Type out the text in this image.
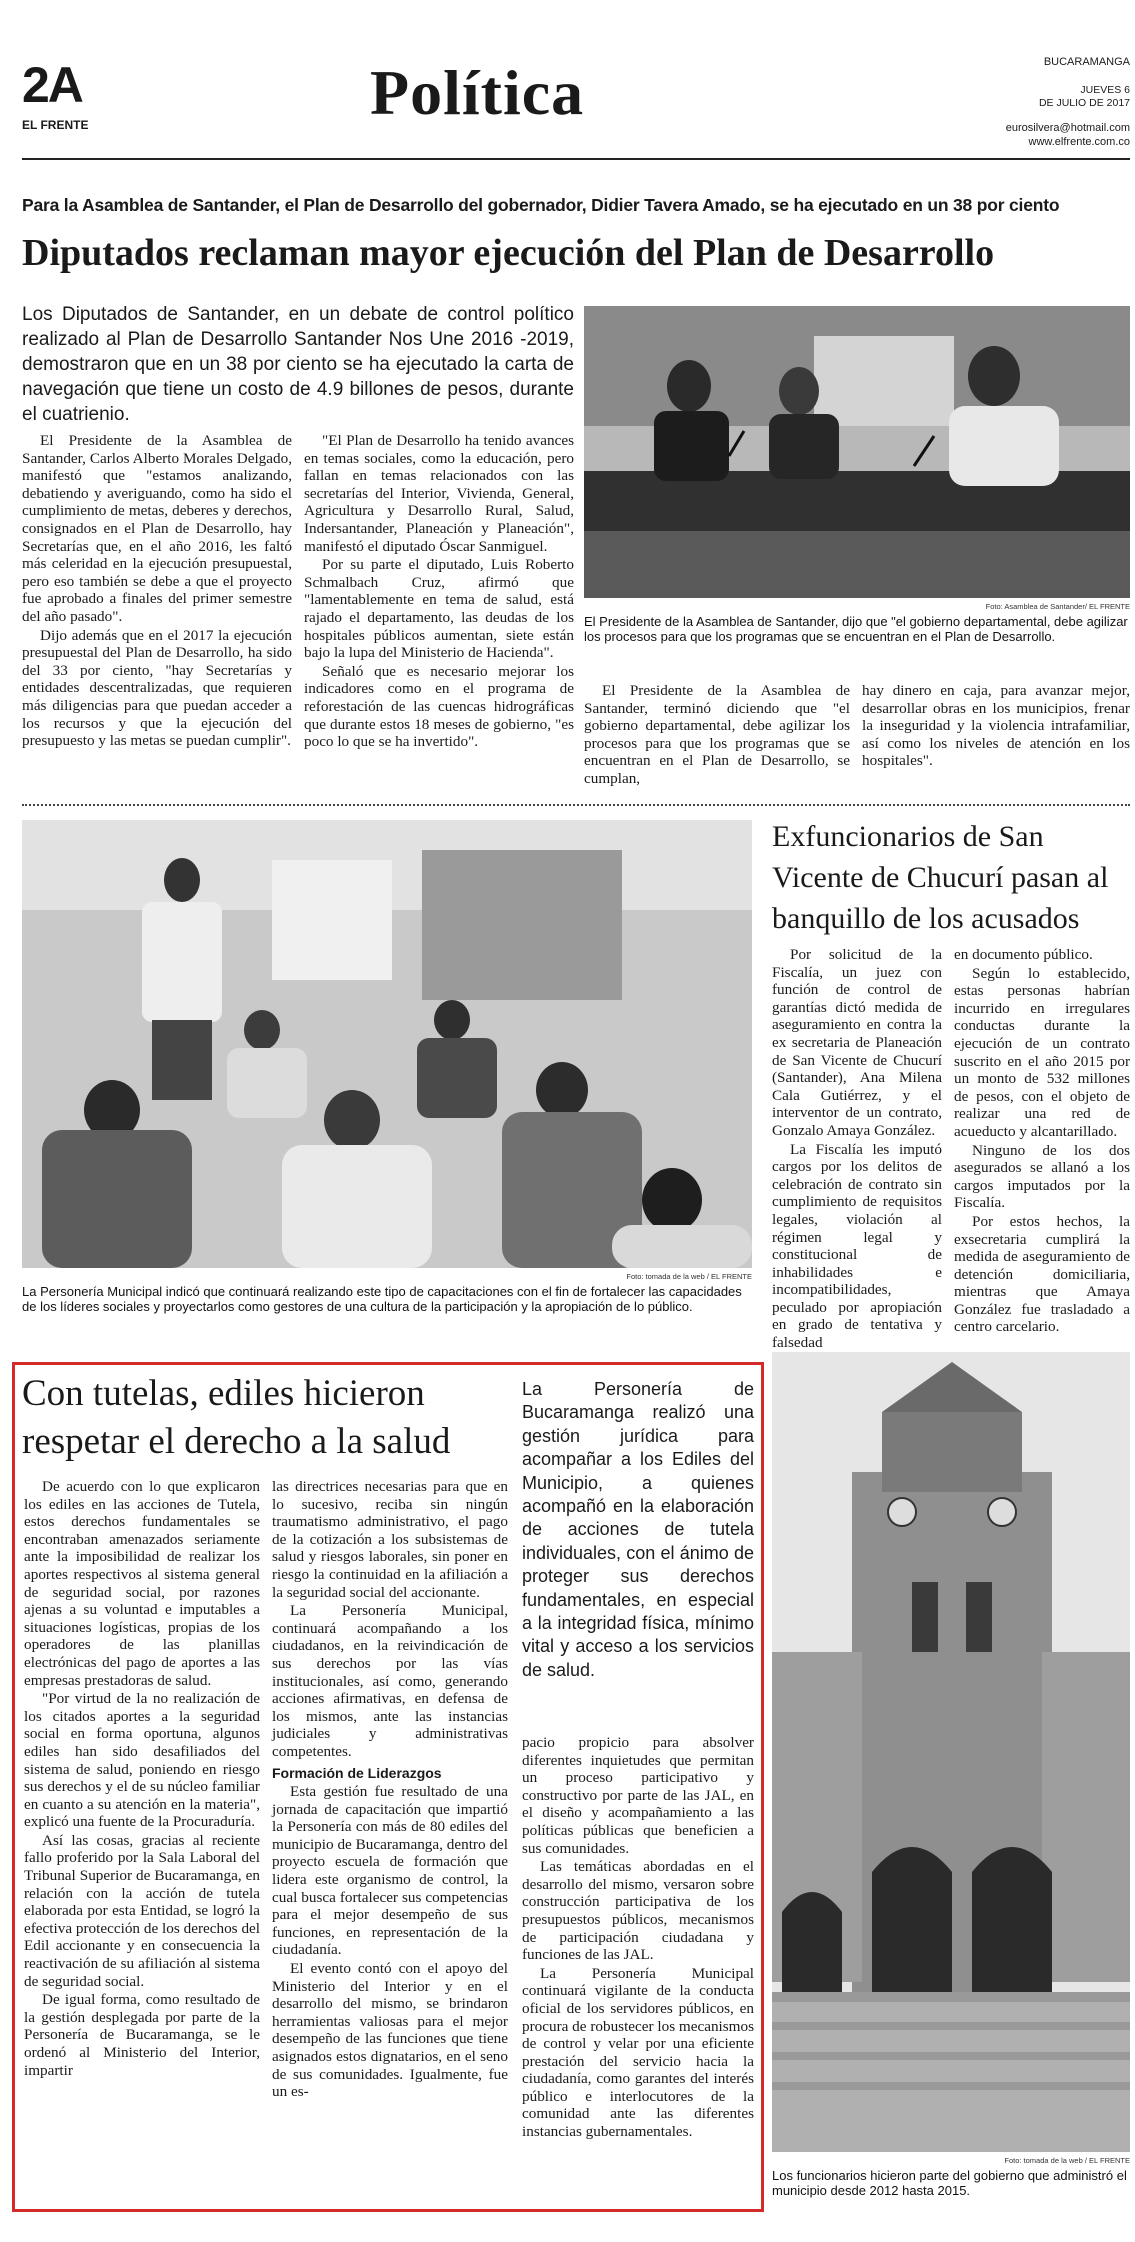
2A
EL FRENTE	Política	BUCARAMANGA
JUEVES 6
DE JULIO DE 2017
eurosilvera@hotmail.com
www.elfrente.com.co
Para la Asamblea de Santander, el Plan de Desarrollo del gobernador, Didier Tavera Amado, se ha ejecutado en un 38 por ciento
Diputados reclaman mayor ejecución del Plan de Desarrollo
Los Diputados de Santander, en un debate de control político realizado al Plan de Desarrollo Santander Nos Une 2016 -2019, demostraron que en un 38 por ciento se ha ejecutado la carta de navegación que tiene un costo de 4.9 billones de pesos, durante el cuatrienio.

El Presidente de la Asamblea de Santander, Carlos Alberto Morales Delgado, manifestó que "estamos analizando, debatiendo y averiguando, como ha sido el cumplimiento de metas, deberes y derechos, consignados en el Plan de Desarrollo, hay Secretarías que, en el año 2016, les faltó más celeridad en la ejecución presupuestal, pero eso también se debe a que el proyecto fue aprobado a finales del primer semestre del año pasado".

Dijo además que en el 2017 la ejecución presupuestal del Plan de Desarrollo, ha sido del 33 por ciento, "hay Secretarías y entidades descentralizadas, que requieren más diligencias para que puedan acceder a los recursos y que la ejecución del presupuesto y las metas se puedan cumplir".

"El Plan de Desarrollo ha tenido avances en temas sociales, como la educación, pero fallan en temas relacionados con las secretarías del Interior, Vivienda, General, Agricultura y Desarrollo Rural, Salud, Indersantander, Planeación y Planeación", manifestó el diputado Óscar Sanmiguel.

Por su parte el diputado, Luis Roberto Schmalbach Cruz, afirmó que "lamentablemente en tema de salud, está rajado el departamento, las deudas de los hospitales públicos aumentan, siete están bajo la lupa del Ministerio de Hacienda".

Señaló que es necesario mejorar los indicadores como en el programa de reforestación de las cuencas hidrográficas que durante estos 18 meses de gobierno, "es poco lo que se ha invertido".

Foto: Asamblea de Santander/ EL FRENTE
El Presidente de la Asamblea de Santander, dijo que "el gobierno departamental, debe agilizar los procesos para que los programas que se encuentran en el Plan de Desarrollo.

El Presidente de la Asamblea de Santander, terminó diciendo que "el gobierno departamental, debe agilizar los procesos para que los programas que se encuentran en el Plan de Desarrollo, se cumplan,

hay dinero en caja, para avanzar mejor, desarrollar obras en los municipios, frenar la inseguridad y la violencia intrafamiliar, así como los niveles de atención en los hospitales".

Foto: tomada de la web / EL FRENTE
La Personería Municipal indicó que continuará realizando este tipo de capacitaciones con el fin de fortalecer las capacidades de los líderes sociales y proyectarlos como gestores de una cultura de la participación y la apropiación de lo público.
Exfuncionarios de San Vicente de Chucurí pasan al banquillo de los acusados

Por solicitud de la Fiscalía, un juez con función de control de garantías dictó medida de aseguramiento en contra la ex secretaria de Planeación de San Vicente de Chucurí (Santander), Ana Milena Cala Gutiérrez, y el interventor de un contrato, Gonzalo Amaya González.

La Fiscalía les imputó cargos por los delitos de celebración de contrato sin cumplimiento de requisitos legales, violación al régimen legal y constitucional de inhabilidades e incompatibilidades, peculado por apropiación en grado de tentativa y falsedad

en documento público.

Según lo establecido, estas personas habrían incurrido en irregulares conductas durante la ejecución de un contrato suscrito en el año 2015 por un monto de 532 millones de pesos, con el objeto de realizar una red de acueducto y alcantarillado.

Ninguno de los dos asegurados se allanó a los cargos imputados por la Fiscalía.

Por estos hechos, la exsecretaria cumplirá la medida de aseguramiento de detención domiciliaria, mientras que Amaya González fue trasladado a centro carcelario.

Con tutelas, ediles hicieron respetar el derecho a la salud
La Personería de Bucaramanga realizó una gestión jurídica para acompañar a los Ediles del Municipio, a quienes acompañó en la elaboración de acciones de tutela individuales, con el ánimo de proteger sus derechos fundamentales, en especial a la integridad física, mínimo vital y acceso a los servicios de salud.

De acuerdo con lo que explicaron los ediles en las acciones de Tutela, estos derechos fundamentales se encontraban amenazados seriamente ante la imposibilidad de realizar los aportes respectivos al sistema general de seguridad social, por razones ajenas a su voluntad e imputables a situaciones logísticas, propias de los operadores de las planillas electrónicas del pago de aportes a las empresas prestadoras de salud.

"Por virtud de la no realización de los citados aportes a la seguridad social en forma oportuna, algunos ediles han sido desafiliados del sistema de salud, poniendo en riesgo sus derechos y el de su núcleo familiar en cuanto a su atención en la materia", explicó una fuente de la Procuraduría.

Así las cosas, gracias al reciente fallo proferido por la Sala Laboral del Tribunal Superior de Bucaramanga, en relación con la acción de tutela elaborada por esta Entidad, se logró la efectiva protección de los derechos del Edil accionante y en consecuencia la reactivación de su afiliación al sistema de seguridad social.

De igual forma, como resultado de la gestión desplegada por parte de la Personería de Bucaramanga, se le ordenó al Ministerio del Interior, impartir

las directrices necesarias para que en lo sucesivo, reciba sin ningún traumatismo administrativo, el pago de la cotización a los subsistemas de salud y riesgos laborales, sin poner en riesgo la continuidad en la afiliación a la seguridad social del accionante.

La Personería Municipal, continuará acompañando a los ciudadanos, en la reivindicación de sus derechos por las vías institucionales, así como, generando acciones afirmativas, en defensa de los mismos, ante las instancias judiciales y administrativas competentes.

Formación de Liderazgos

Esta gestión fue resultado de una jornada de capacitación que impartió la Personería con más de 80 ediles del municipio de Bucaramanga, dentro del proyecto escuela de formación que lidera este organismo de control, la cual busca fortalecer sus competencias para el mejor desempeño de sus funciones, en representación de la ciudadanía.

El evento contó con el apoyo del Ministerio del Interior y en el desarrollo del mismo, se brindaron herramientas valiosas para el mejor desempeño de las funciones que tiene asignados estos dignatarios, en el seno de sus comunidades. Igualmente, fue un es-

pacio propicio para absolver diferentes inquietudes que permitan un proceso participativo y constructivo por parte de las JAL, en el diseño y acompañamiento a las políticas públicas que beneficien a sus comunidades.

Las temáticas abordadas en el desarrollo del mismo, versaron sobre construcción participativa de los presupuestos públicos, mecanismos de participación ciudadana y funciones de las JAL.

La Personería Municipal continuará vigilante de la conducta oficial de los servidores públicos, en procura de robustecer los mecanismos de control y velar por una eficiente prestación del servicio hacia la ciudadanía, como garantes del interés público e interlocutores de la comunidad ante las diferentes instancias gubernamentales.

Foto: tomada de la web / EL FRENTE
Los funcionarios hicieron parte del gobierno que administró el municipio desde 2012 hasta 2015.
